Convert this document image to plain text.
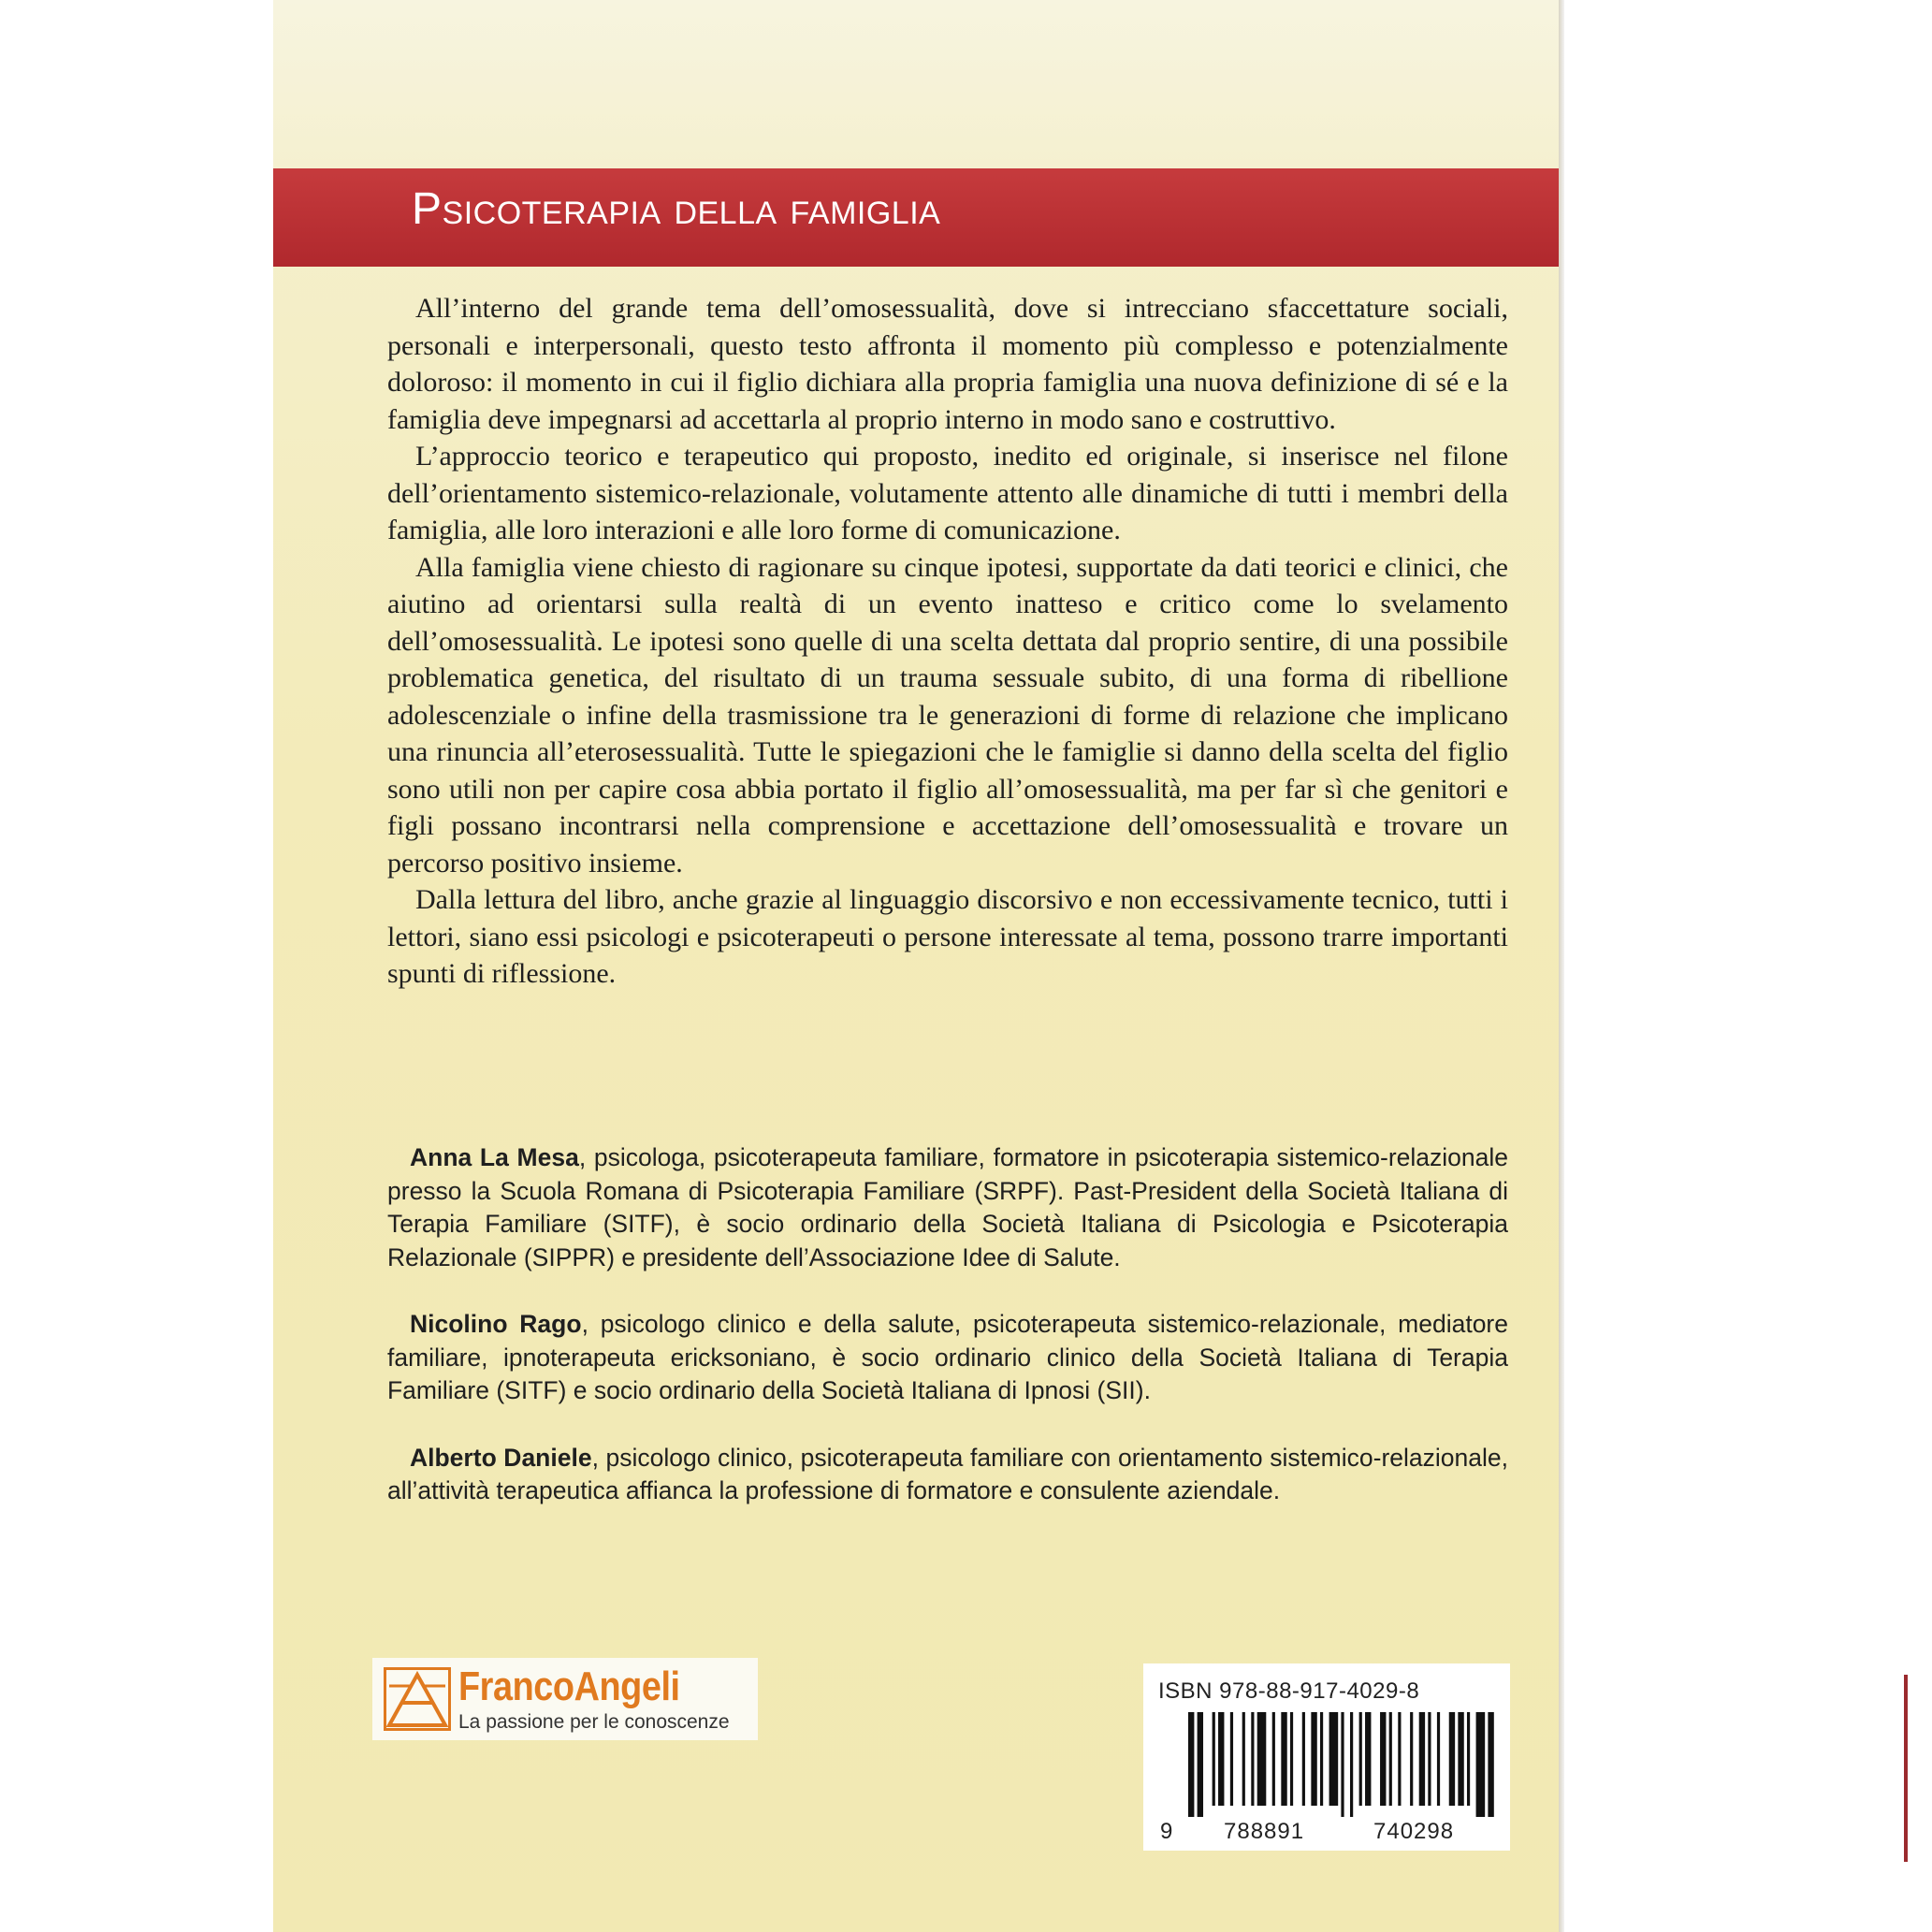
Psicoterapia della famiglia

All’interno del grande tema dell’omosessualità, dove si intrecciano sfaccettature sociali, personali e interpersonali, questo testo affronta il momento più complesso e potenzialmente doloroso: il momento in cui il figlio dichiara alla propria famiglia una nuova definizione di sé e la famiglia deve impegnarsi ad accettarla al proprio interno in modo sano e costruttivo.

L’approccio teorico e terapeutico qui proposto, inedito ed originale, si inserisce nel filone dell’orientamento sistemico-relazionale, volutamente attento alle dinamiche di tutti i membri della famiglia, alle loro interazioni e alle loro forme di comunicazione.

Alla famiglia viene chiesto di ragionare su cinque ipotesi, supportate da dati teorici e clinici, che aiutino ad orientarsi sulla realtà di un evento inatteso e critico come lo svelamento dell’omosessualità. Le ipotesi sono quelle di una scelta dettata dal proprio sentire, di una possibile problematica genetica, del risultato di un trauma sessuale subito, di una forma di ribellione adolescenziale o infine della trasmissione tra le generazioni di forme di relazione che implicano una rinuncia all’eterosessualità. Tutte le spiegazioni che le famiglie si danno della scelta del figlio sono utili non per capire cosa abbia portato il figlio all’omosessualità, ma per far sì che genitori e figli possano incontrarsi nella comprensione e accettazione dell’omosessualità e trovare un percorso positivo insieme.

Dalla lettura del libro, anche grazie al linguaggio discorsivo e non eccessivamente tecnico, tutti i lettori, siano essi psicologi e psicoterapeuti o persone interessate al tema, possono trarre importanti spunti di riflessione.

Anna La Mesa, psicologa, psicoterapeuta familiare, formatore in psicoterapia sistemico-relazionale presso la Scuola Romana di Psicoterapia Familiare (SRPF). Past-President della Società Italiana di Terapia Familiare (SITF), è socio ordinario della Società Italiana di Psicologia e Psicoterapia Relazionale (SIPPR) e presidente dell’Associazione Idee di Salute.

Nicolino Rago, psicologo clinico e della salute, psicoterapeuta sistemico-relazionale, mediatore familiare, ipnoterapeuta ericksoniano, è socio ordinario clinico della Società Italiana di Terapia Familiare (SITF) e socio ordinario della Società Italiana di Ipnosi (SII).

Alberto Daniele, psicologo clinico, psicoterapeuta familiare con orientamento sistemico-relazionale, all’attività terapeutica affianca la professione di formatore e consulente aziendale.

FrancoAngeli
La passione per le conoscenze
ISBN 978-88-917-4029-8
9 788891	740298
